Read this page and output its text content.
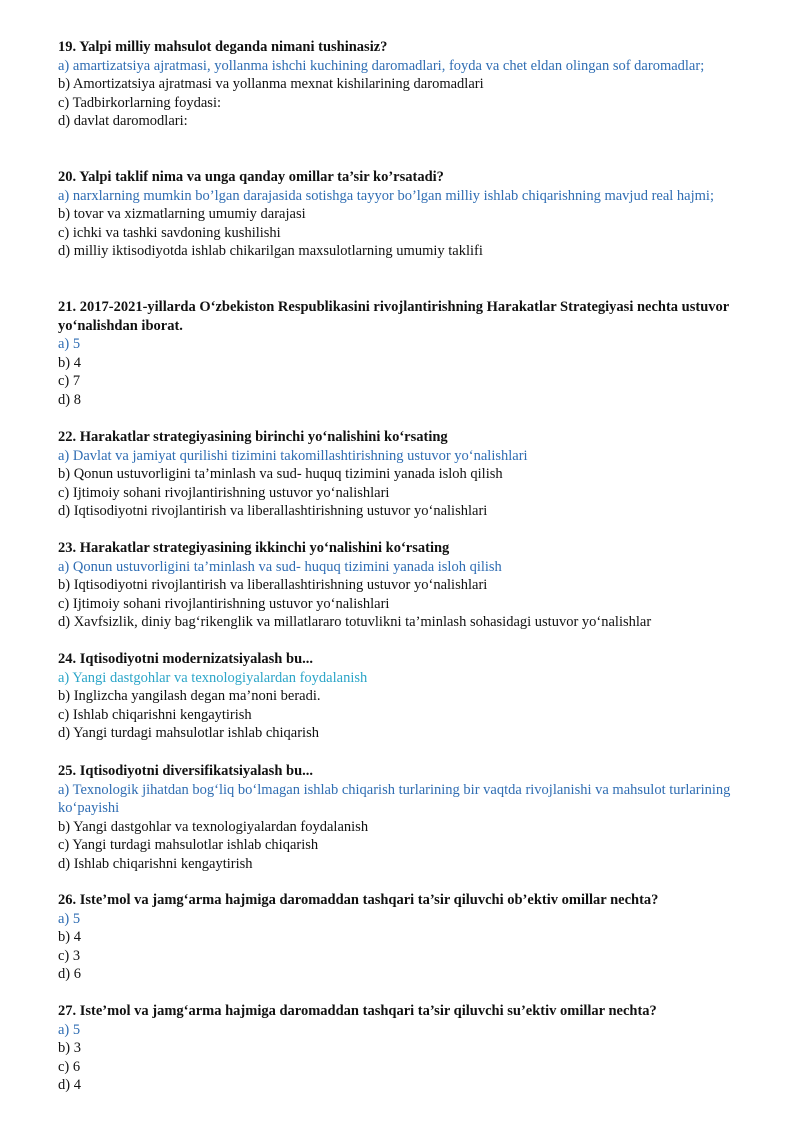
19. Yalpi milliy mahsulot deganda nimani tushinasiz?

a) amartizatsiya ajratmasi, yollanma ishchi kuchining daromadlari, foyda va chet eldan olingan sof daromadlar;

b) Amortizatsiya ajratmasi va yollanma mexnat kishilarining daromadlari

c) Tadbirkorlarning foydasi:

d) davlat daromodlari:

20. Yalpi taklif nima va unga qanday omillar ta’sir ko’rsatadi?

a) narxlarning mumkin bo’lgan darajasida sotishga tayyor bo’lgan milliy ishlab chiqarishning mavjud real hajmi;

b) tovar va xizmatlarning umumiy darajasi

c) ichki va tashki savdoning kushilishi

d) milliy iktisodiyotda ishlab chikarilgan maxsulotlarning umumiy taklifi

21. 2017-2021-yillarda O‘zbekiston Respublikasini rivojlantirishning Harakatlar Strategiyasi nechta ustuvor yo‘nalishdan iborat.

a) 5

b) 4

c) 7

d) 8

22. Harakatlar strategiyasining birinchi yo‘nalishini ko‘rsating

a) Davlat va jamiyat qurilishi tizimini takomillashtirishning ustuvor yo‘nalishlari

b) Qonun ustuvorligini ta’minlash va sud- huquq tizimini yanada isloh qilish

c) Ijtimoiy sohani rivojlantirishning ustuvor yo‘nalishlari

d) Iqtisodiyotni rivojlantirish va liberallashtirishning ustuvor yo‘nalishlari

23. Harakatlar strategiyasining ikkinchi yo‘nalishini ko‘rsating

a) Qonun ustuvorligini ta’minlash va sud- huquq tizimini yanada isloh qilish

b) Iqtisodiyotni rivojlantirish va liberallashtirishning ustuvor yo‘nalishlari

c) Ijtimoiy sohani rivojlantirishning ustuvor yo‘nalishlari

d) Xavfsizlik, diniy bag‘rikenglik va millatlararo totuvlikni ta’minlash sohasidagi ustuvor yo‘nalishlar

24. Iqtisodiyotni modernizatsiyalash bu...

a) Yangi dastgohlar va texnologiyalardan foydalanish

b) Inglizcha yangilash degan ma’noni beradi.

c) Ishlab chiqarishni kengaytirish

d) Yangi turdagi mahsulotlar ishlab chiqarish

25. Iqtisodiyotni diversifikatsiyalash bu...

a) Texnologik jihatdan bog‘liq bo‘lmagan ishlab chiqarish turlarining bir vaqtda rivojlanishi va mahsulot turlarining ko‘payishi

b) Yangi dastgohlar va texnologiyalardan foydalanish

c) Yangi turdagi mahsulotlar ishlab chiqarish

d) Ishlab chiqarishni kengaytirish

26. Iste’mol va jamg‘arma hajmiga daromaddan tashqari ta’sir qiluvchi ob’ektiv omillar nechta?

a) 5

b) 4

c) 3

d) 6

27. Iste’mol va jamg‘arma hajmiga daromaddan tashqari ta’sir qiluvchi su’ektiv omillar nechta?

a) 5

b) 3

c) 6

d) 4
